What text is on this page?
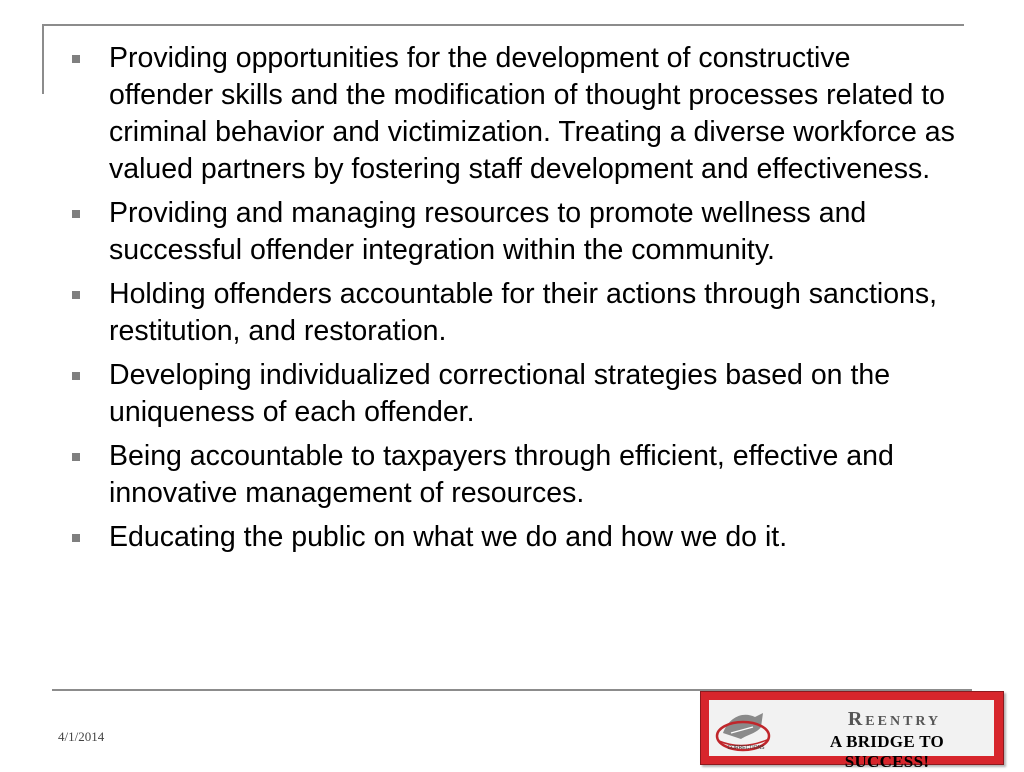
Providing opportunities for the development of constructive offender skills and the modification of thought processes related to criminal behavior and victimization. Treating a diverse workforce as valued partners by fostering staff development and effectiveness.
Providing and managing resources to promote wellness and successful offender integration within the community.
Holding offenders accountable for their actions through sanctions, restitution, and restoration.
Developing individualized correctional strategies based on the uniqueness of each offender.
Being accountable to taxpayers through efficient, effective and innovative management of resources.
Educating the public on what we do and how we do it.
4/1/2014
CORRECTIONS
Reentry
A BRIDGE TO SUCCESS!
